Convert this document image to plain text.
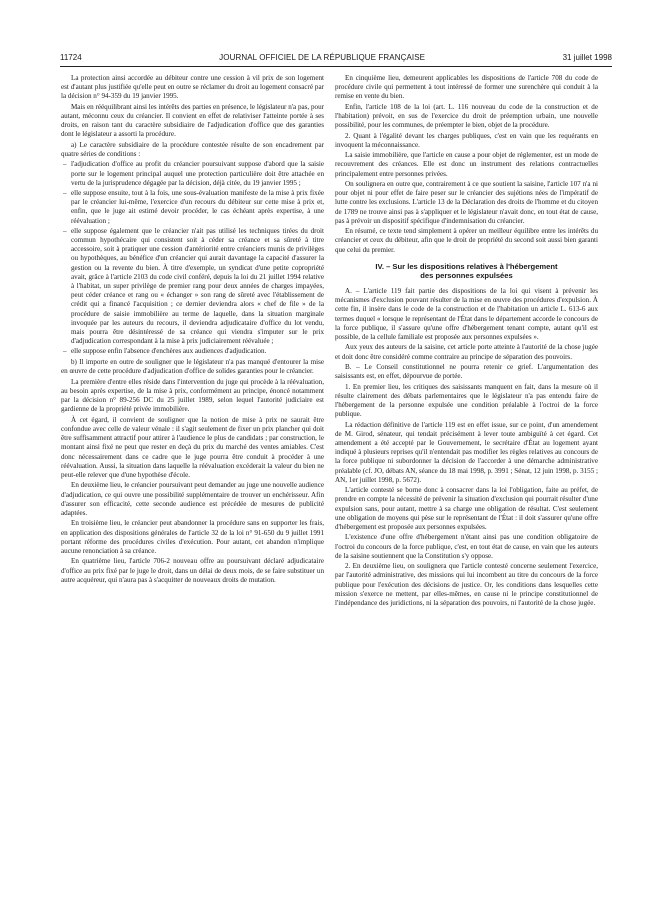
11724	JOURNAL OFFICIEL DE LA RÉPUBLIQUE FRANÇAISE	31 juillet 1998

La protection ainsi accordée au débiteur contre une cession à vil prix de son logement est d'autant plus justifiée qu'elle peut en outre se réclamer du droit au logement consacré par la décision n° 94-359 du 19 janvier 1995.

Mais en rééquilibrant ainsi les intérêts des parties en présence, le législateur n'a pas, pour autant, méconnu ceux du créancier. Il convient en effet de relativiser l'atteinte portée à ses droits, en raison tant du caractère subsidiaire de l'adjudication d'office que des garanties dont le législateur a assorti la procédure.

a) Le caractère subsidiaire de la procédure contestée résulte de son encadrement par quatre séries de conditions :

– l'adjudication d'office au profit du créancier poursuivant suppose d'abord que la saisie porte sur le logement principal auquel une protection particulière doit être attachée en vertu de la jurisprudence dégagée par la décision, déjà citée, du 19 janvier 1995 ;
– elle suppose ensuite, tout à la fois, une sous-évaluation manifeste de la mise à prix fixée par le créancier lui-même, l'exercice d'un recours du débiteur sur cette mise à prix et, enfin, que le juge ait estimé devoir procéder, le cas échéant après expertise, à une réévaluation ;
– elle suppose également que le créancier n'ait pas utilisé les techniques tirées du droit commun hypothécaire qui consistent soit à céder sa créance et sa sûreté à titre accessoire, soit à pratiquer une cession d'antériorité entre créanciers munis de privilèges ou hypothèques, au bénéfice d'un créancier qui aurait davantage la capacité d'assurer la gestion ou la revente du bien. À titre d'exemple, un syndicat d'une petite copropriété avait, grâce à l'article 2103 du code civil conféré, depuis la loi du 21 juillet 1994 relative à l'habitat, un super privilège de premier rang pour deux années de charges impayées, peut céder créance et rang ou « échanger » son rang de sûreté avec l'établissement de crédit qui a financé l'acquisition ; ce dernier deviendra alors « chef de file » de la procédure de saisie immobilière au terme de laquelle, dans la situation marginale invoquée par les auteurs du recours, il deviendra adjudicataire d'office du lot vendu, mais pourra être désintéressé de sa créance qui viendra s'imputer sur le prix d'adjudication correspondant à la mise à prix judiciairement réévaluée ;
– elle suppose enfin l'absence d'enchères aux audiences d'adjudication.

b) Il importe en outre de souligner que le législateur n'a pas manqué d'entourer la mise en œuvre de cette procédure d'adjudication d'office de solides garanties pour le créancier.

La première d'entre elles réside dans l'intervention du juge qui procède à la réévaluation, au besoin après expertise, de la mise à prix, conformément au principe, énoncé notamment par la décision n° 89-256 DC du 25 juillet 1989, selon lequel l'autorité judiciaire est gardienne de la propriété privée immobilière.

À cet égard, il convient de souligner que la notion de mise à prix ne saurait être confondue avec celle de valeur vénale : il s'agit seulement de fixer un prix plancher qui doit être suffisamment attractif pour attirer à l'audience le plus de candidats ; par construction, le montant ainsi fixé ne peut que rester en deçà du prix du marché des ventes amiables. C'est donc nécessairement dans ce cadre que le juge pourra être conduit à procéder à une réévaluation. Aussi, la situation dans laquelle la réévaluation excéderait la valeur du bien ne peut-elle relever que d'une hypothèse d'école.

En deuxième lieu, le créancier poursuivant peut demander au juge une nouvelle audience d'adjudication, ce qui ouvre une possibilité supplémentaire de trouver un enchérisseur. Afin d'assurer son efficacité, cette seconde audience est précédée de mesures de publicité adaptées.

En troisième lieu, le créancier peut abandonner la procédure sans en supporter les frais, en application des dispositions générales de l'article 32 de la loi n° 91-650 du 9 juillet 1991 portant réforme des procédures civiles d'exécution. Pour autant, cet abandon n'implique aucune renonciation à sa créance.

En quatrième lieu, l'article 706-2 nouveau offre au poursuivant déclaré adjudicataire d'office au prix fixé par le juge le droit, dans un délai de deux mois, de se faire substituer un autre acquéreur, qui n'aura pas à s'acquitter de nouveaux droits de mutation.

En cinquième lieu, demeurent applicables les dispositions de l'article 708 du code de procédure civile qui permettent à tout intéressé de former une surenchère qui conduit à la remise en vente du bien.

Enfin, l'article 108 de la loi (art. L. 116 nouveau du code de la construction et de l'habitation) prévoit, en sus de l'exercice du droit de préemption urbain, une nouvelle possibilité, pour les communes, de préempter le bien, objet de la procédure.

2. Quant à l'égalité devant les charges publiques, c'est en vain que les requérants en invoquent la méconnaissance.

La saisie immobilière, que l'article en cause a pour objet de réglementer, est un mode de recouvrement des créances. Elle est donc un instrument des relations contractuelles principalement entre personnes privées.

On soulignera en outre que, contrairement à ce que soutient la saisine, l'article 107 n'a ni pour objet ni pour effet de faire peser sur le créancier des sujétions nées de l'impératif de lutte contre les exclusions. L'article 13 de la Déclaration des droits de l'homme et du citoyen de 1789 ne trouve ainsi pas à s'appliquer et le législateur n'avait donc, en tout état de cause, pas à prévoir un dispositif spécifique d'indemnisation du créancier.

En résumé, ce texte tend simplement à opérer un meilleur équilibre entre les intérêts du créancier et ceux du débiteur, afin que le droit de propriété du second soit aussi bien garanti que celui du premier.

IV. – Sur les dispositions relatives à l'hébergement
des personnes expulsées

A. – L'article 119 fait partie des dispositions de la loi qui visent à prévenir les mécanismes d'exclusion pouvant résulter de la mise en œuvre des procédures d'expulsion. À cette fin, il insère dans le code de la construction et de l'habitation un article L. 613-6 aux termes duquel « lorsque le représentant de l'État dans le département accorde le concours de la force publique, il s'assure qu'une offre d'hébergement tenant compte, autant qu'il est possible, de la cellule familiale est proposée aux personnes expulsées ».

Aux yeux des auteurs de la saisine, cet article porte atteinte à l'autorité de la chose jugée et doit donc être considéré comme contraire au principe de séparation des pouvoirs.

B. – Le Conseil constitutionnel ne pourra retenir ce grief. L'argumentation des saisissants est, en effet, dépourvue de portée.

1. En premier lieu, les critiques des saisissants manquent en fait, dans la mesure où il résulte clairement des débats parlementaires que le législateur n'a pas entendu faire de l'hébergement de la personne expulsée une condition préalable à l'octroi de la force publique.

La rédaction définitive de l'article 119 est en effet issue, sur ce point, d'un amendement de M. Girod, sénateur, qui tendait précisément à lever toute ambiguïté à cet égard. Cet amendement a été accepté par le Gouvernement, le secrétaire d'État au logement ayant indiqué à plusieurs reprises qu'il n'entendait pas modifier les règles relatives au concours de la force publique ni subordonner la décision de l'accorder à une démarche administrative préalable (cf. JO, débats AN, séance du 18 mai 1998, p. 3991 ; Sénat, 12 juin 1998, p. 3155 ; AN, 1er juillet 1998, p. 5672).

L'article contesté se borne donc à consacrer dans la loi l'obligation, faite au préfet, de prendre en compte la nécessité de prévenir la situation d'exclusion qui pourrait résulter d'une expulsion sans, pour autant, mettre à sa charge une obligation de résultat. C'est seulement une obligation de moyens qui pèse sur le représentant de l'État : il doit s'assurer qu'une offre d'hébergement est proposée aux personnes expulsées.

L'existence d'une offre d'hébergement n'étant ainsi pas une condition obligatoire de l'octroi du concours de la force publique, c'est, en tout état de cause, en vain que les auteurs de la saisine soutiennent que la Constitution s'y oppose.

2. En deuxième lieu, on soulignera que l'article contesté concerne seulement l'exercice, par l'autorité administrative, des missions qui lui incombent au titre du concours de la force publique pour l'exécution des décisions de justice. Or, les conditions dans lesquelles cette mission s'exerce ne mettent, par elles-mêmes, en cause ni le principe constitutionnel de l'indépendance des juridictions, ni la séparation des pouvoirs, ni l'autorité de la chose jugée.
